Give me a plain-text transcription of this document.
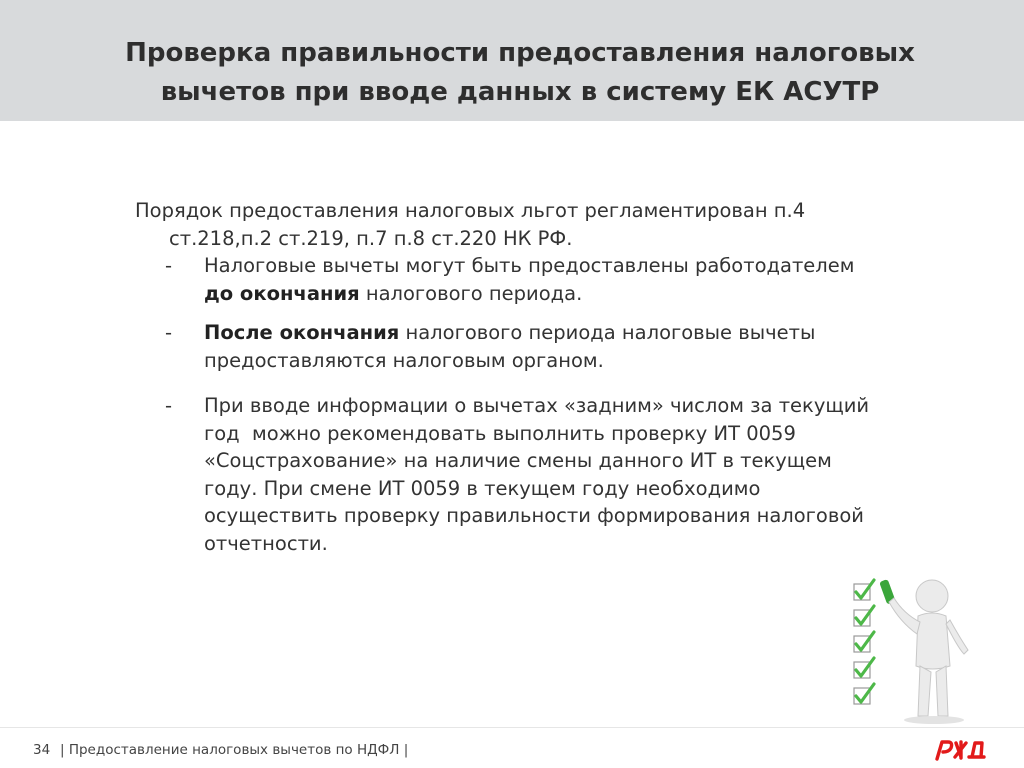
Проверка правильности предоставления налоговых
вычетов при вводе данных в систему ЕК АСУТР

Порядок предоставления налоговых льгот регламентирован п.4
ст.218,п.2 ст.219, п.7 п.8 ст.220 НК РФ.

- Налоговые вычеты могут быть предоставлены работодателем
до окончания налогового периода.

- После окончания налогового периода налоговые вычеты
предоставляются налоговым органом.

- При вводе информации о вычетах «задним» числом за текущий
год  можно рекомендовать выполнить проверку ИТ 0059
«Соцстрахование» на наличие смены данного ИТ в текущем
году. При смене ИТ 0059 в текущем году необходимо
осуществить проверку правильности формирования налоговой
отчетности.

34 | Предоставление налоговых вычетов по НДФЛ |
